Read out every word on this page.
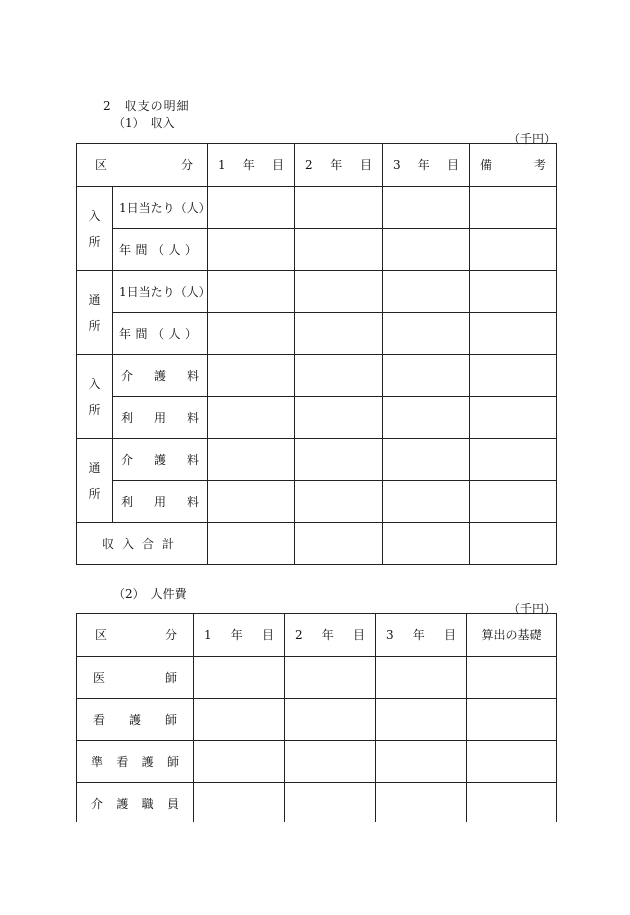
2　収支の明細
（1）　収入
（千円）
区 分		1 年 目	2 年 目	3 年 目	備 考

入
所	1日当たり（人）				

	年 間 （ 人 ）				

通
所	1日当たり（人）				

	年 間 （ 人 ）				

入
所	介 護 料				

	利 用 料				

通
所	介 護 料				

	利 用 料				

収入合計					
（2）　人件費
（千円）
区 分	1 年 目	2 年 目	3 年 目	算出の基礎

医 師				

看 護 師				

準 看 護 師				

介 護 職 員				
